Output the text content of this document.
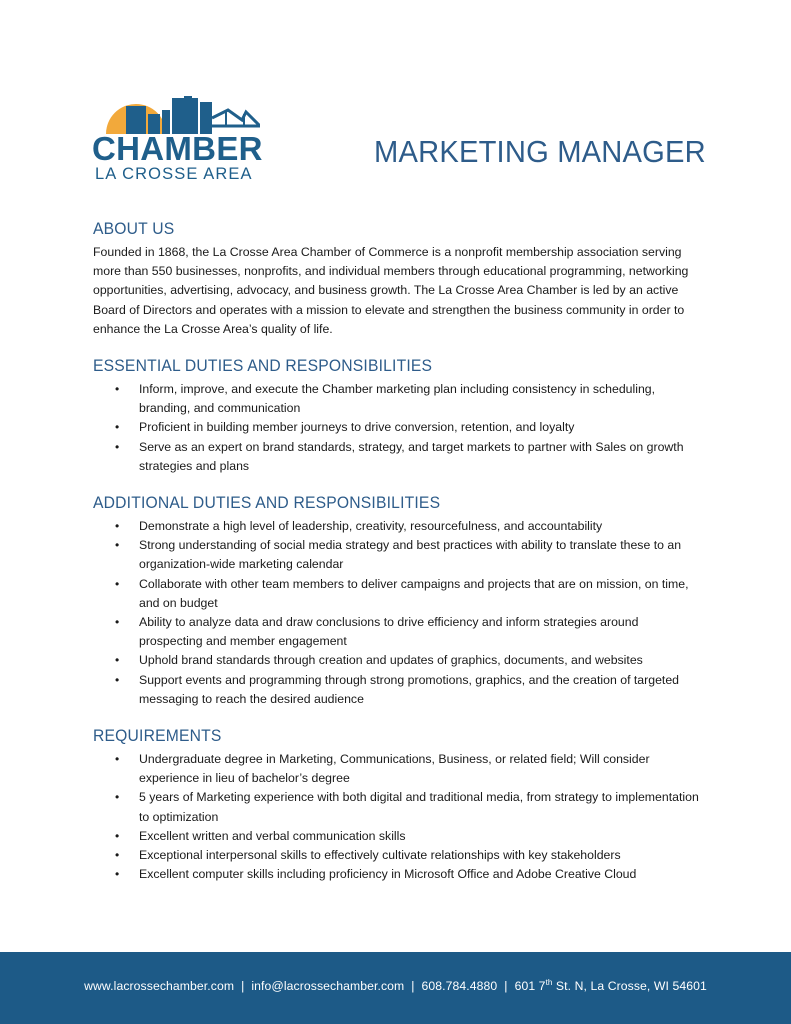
CHAMBER
LA CROSSE AREA
MARKETING MANAGER
ABOUT US

Founded in 1868, the La Crosse Area Chamber of Commerce is a nonprofit membership association serving more than 550 businesses, nonprofits, and individual members through educational programming, networking opportunities, advertising, advocacy, and business growth. The La Crosse Area Chamber is led by an active Board of Directors and operates with a mission to elevate and strengthen the business community in order to enhance the La Crosse Area’s quality of life.

ESSENTIAL DUTIES AND RESPONSIBILITIES
• Inform, improve, and execute the Chamber marketing plan including consistency in scheduling, branding, and communication
• Proficient in building member journeys to drive conversion, retention, and loyalty
• Serve as an expert on brand standards, strategy, and target markets to partner with Sales on growth strategies and plans
ADDITIONAL DUTIES AND RESPONSIBILITIES
• Demonstrate a high level of leadership, creativity, resourcefulness, and accountability
• Strong understanding of social media strategy and best practices with ability to translate these to an organization-wide marketing calendar
• Collaborate with other team members to deliver campaigns and projects that are on mission, on time, and on budget
• Ability to analyze data and draw conclusions to drive efficiency and inform strategies around prospecting and member engagement
• Uphold brand standards through creation and updates of graphics, documents, and websites
• Support events and programming through strong promotions, graphics, and the creation of targeted messaging to reach the desired audience
REQUIREMENTS
• Undergraduate degree in Marketing, Communications, Business, or related field; Will consider experience in lieu of bachelor’s degree
• 5 years of Marketing experience with both digital and traditional media, from strategy to implementation to optimization
• Excellent written and verbal communication skills
• Exceptional interpersonal skills to effectively cultivate relationships with key stakeholders
• Excellent computer skills including proficiency in Microsoft Office and Adobe Creative Cloud
www.lacrossechamber.com | info@lacrossechamber.com | 608.784.4880 | 601 7th St. N, La Crosse, WI 54601
